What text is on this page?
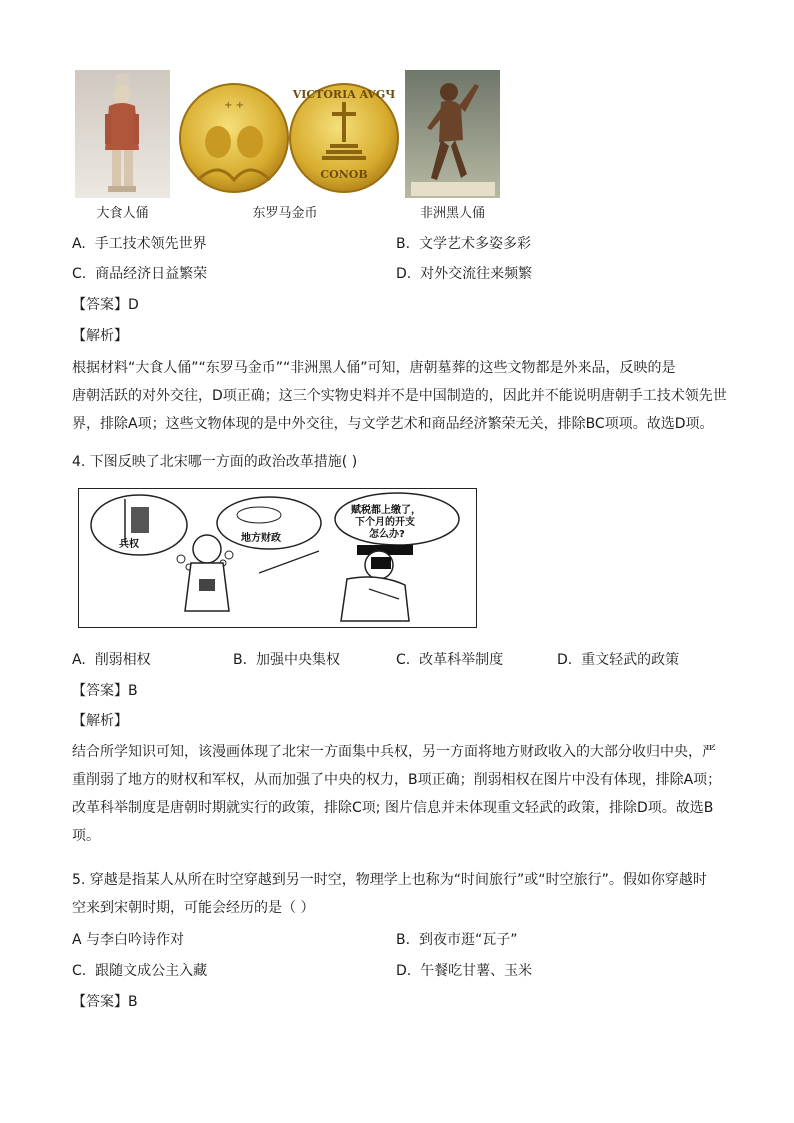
+ +
VICTORIA AVGЧ
CONOB
大食人俑	东罗马金币	非洲黑人俑
A. 手工技术领先世界	B. 文学艺术多姿多彩
C. 商品经济日益繁荣	D. 对外交流往来频繁
【答案】D
【解析】
根据材料“大食人俑”“东罗马金币”“非洲黑人俑”可知，唐朝墓葬的这些文物都是外来品，反映的是
唐朝活跃的对外交往，D项正确；这三个实物史料并不是中国制造的，因此并不能说明唐朝手工技术领先世
界，排除A项；这些文物体现的是中外交往，与文学艺术和商品经济繁荣无关，排除BC项项。故选D项。
4. 下图反映了北宋哪一方面的政治改革措施( )
兵权
地方财政
赋税都上缴了，
下个月的开支
怎么办?
A. 削弱相权	B. 加强中央集权	C. 改革科举制度	D. 重文轻武的政策
【答案】B
【解析】
结合所学知识可知，该漫画体现了北宋一方面集中兵权，另一方面将地方财政收入的大部分收归中央，严
重削弱了地方的财权和军权，从而加强了中央的权力，B项正确；削弱相权在图片中没有体现，排除A项；
改革科举制度是唐朝时期就实行的政策，排除C项; 图片信息并未体现重文轻武的政策，排除D项。故选B
项。
5. 穿越是指某人从所在时空穿越到另一时空，物理学上也称为“时间旅行”或“时空旅行”。假如你穿越时
空来到宋朝时期，可能会经历的是（ ）
A 与李白吟诗作对	B. 到夜市逛“瓦子”
C. 跟随文成公主入藏	D. 午餐吃甘薯、玉米
【答案】B
